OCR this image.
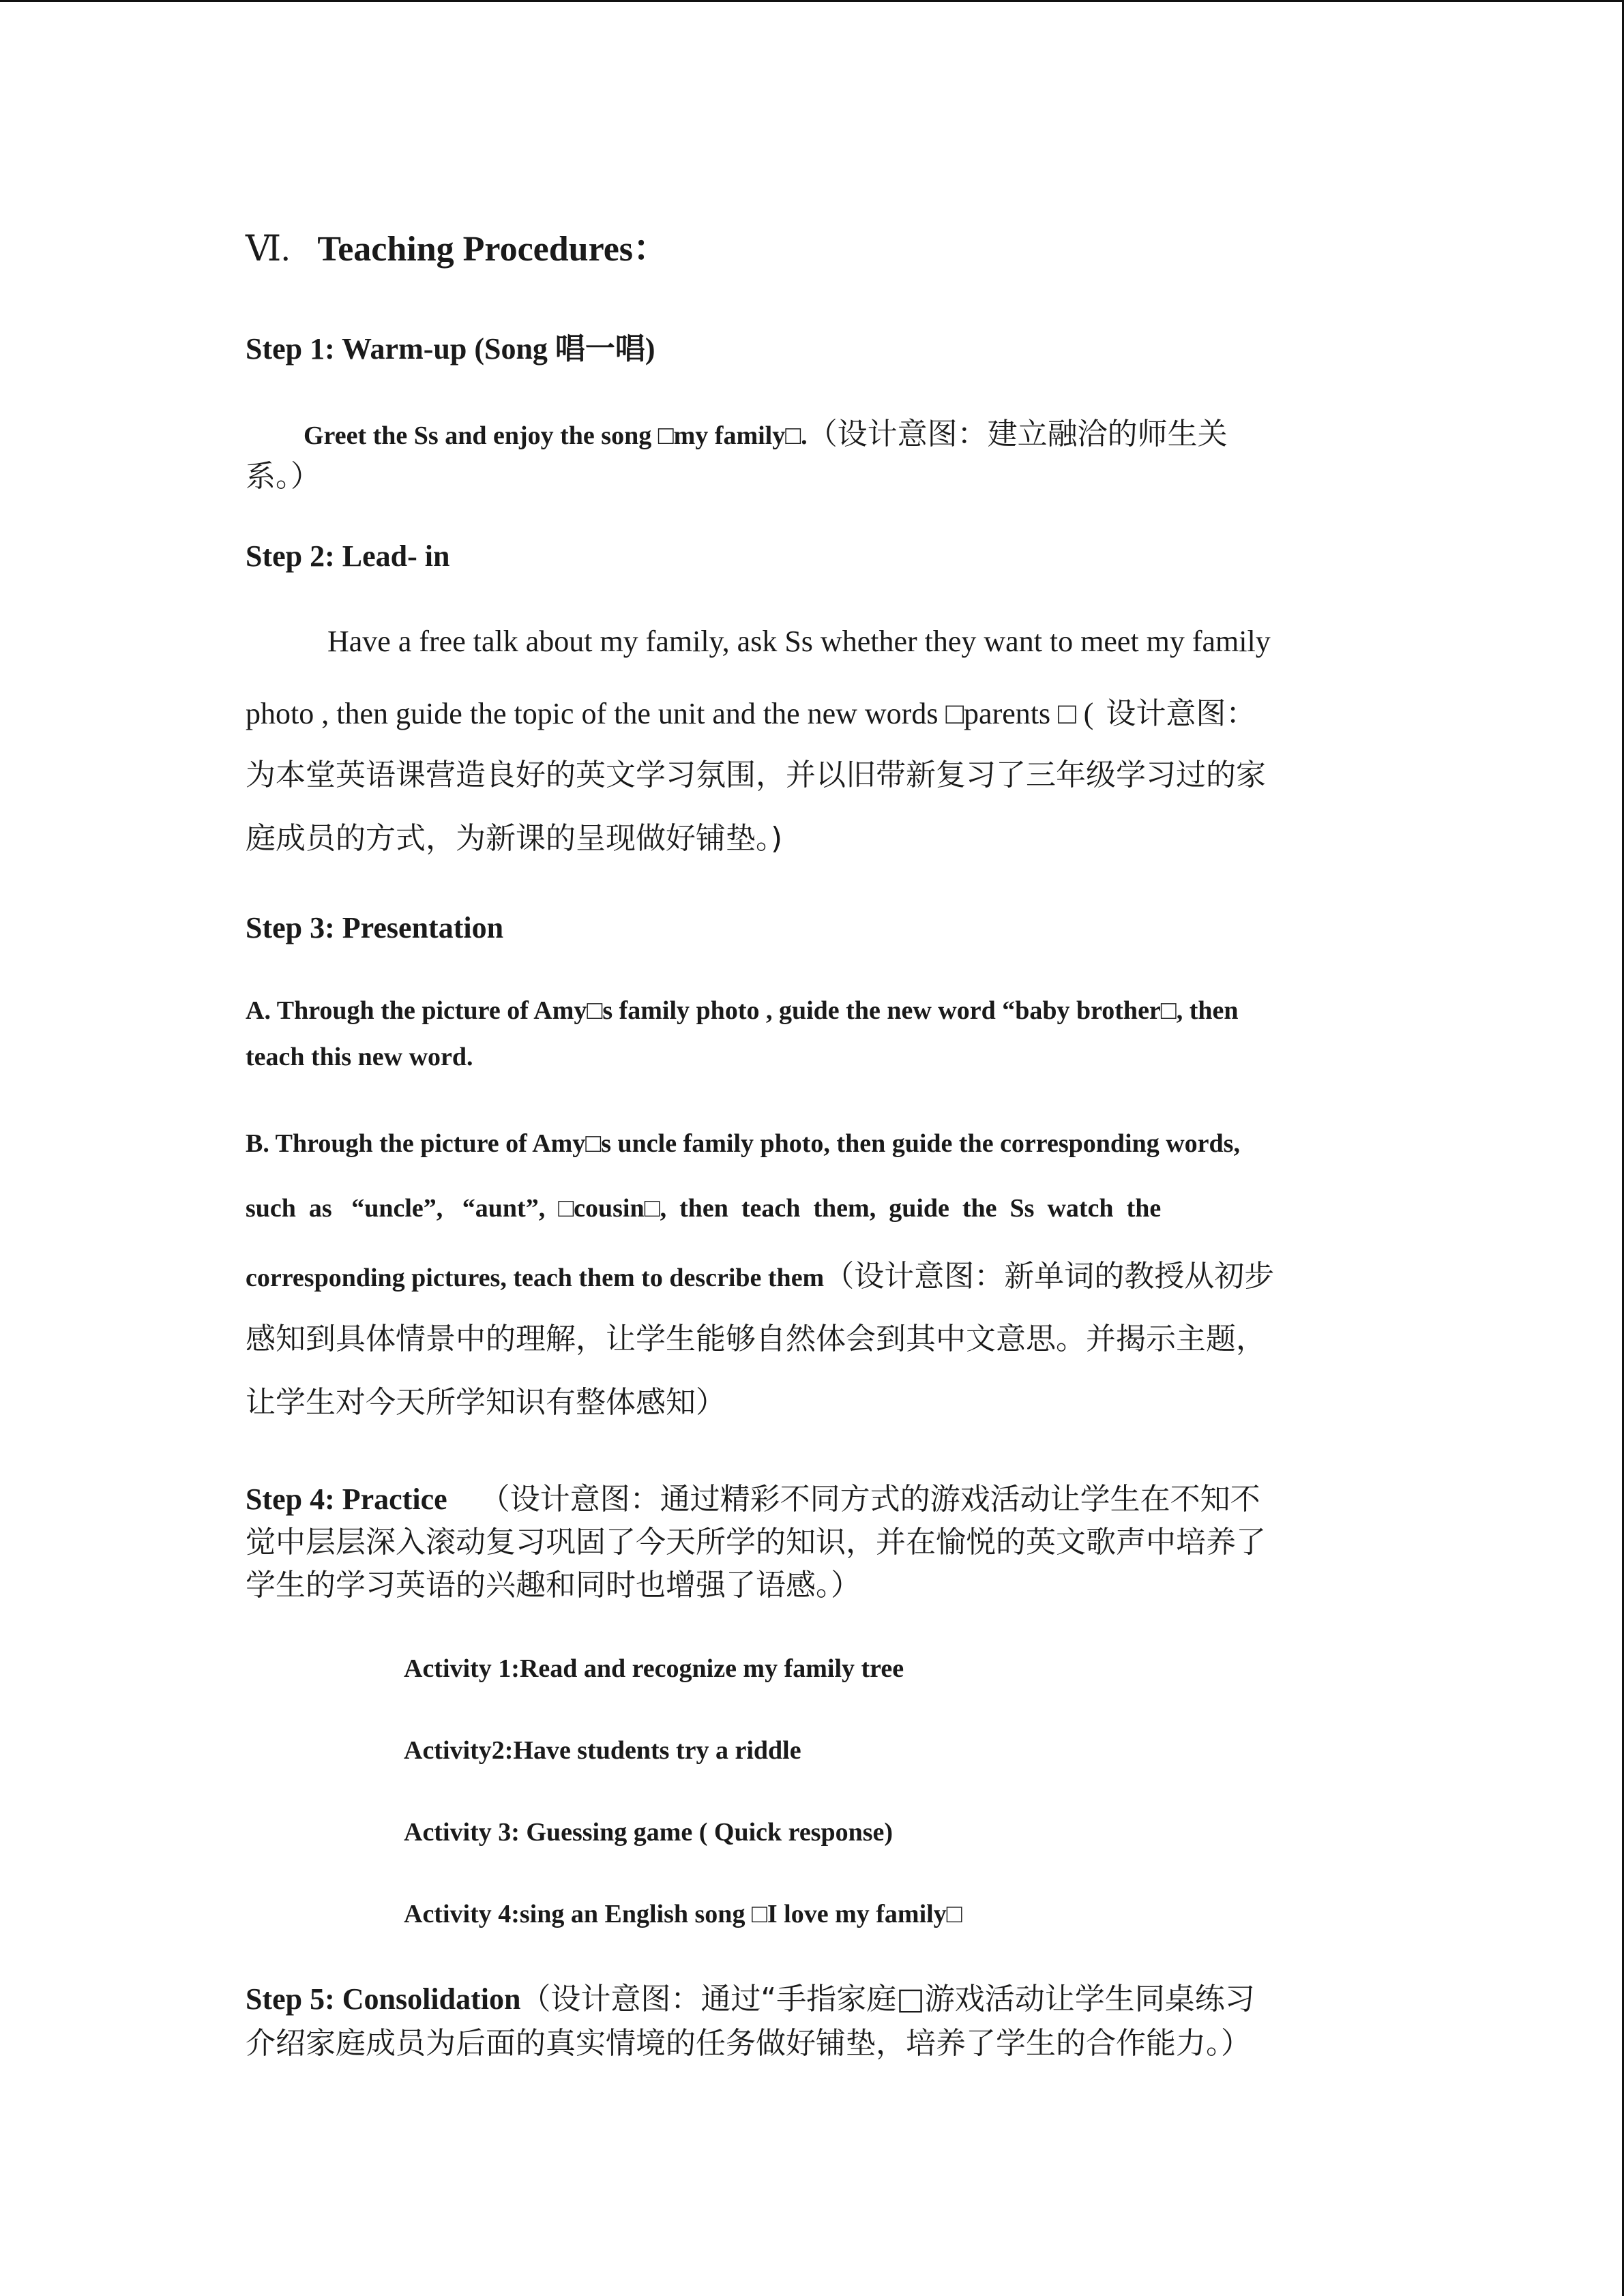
Ⅵ. Teaching Procedures：
Step 1: Warm-up (Song 唱一唱)
Greet the Ss and enjoy the song □my family□.（设计意图：建立融洽的师生关
系。）
Step 2: Lead- in
Have a free talk about my family, ask Ss whether they want to meet my family
photo , then guide the topic of the unit and the new words □parents □ ( 设计意图：
为本堂英语课营造良好的英文学习氛围，并以旧带新复习了三年级学习过的家
庭成员的方式，为新课的呈现做好铺垫。)
Step 3: Presentation
A. Through the picture of Amy□s family photo , guide the new word “baby brother□, then
teach this new word.
B. Through the picture of Amy□s uncle family photo, then guide the corresponding words,
such  as   “uncle”,   “aunt”,  □cousin□,  then  teach  them,  guide  the  Ss  watch  the
corresponding pictures, teach them to describe them（设计意图：新单词的教授从初步
感知到具体情景中的理解，让学生能够自然体会到其中文意思。并揭示主题，
让学生对今天所学知识有整体感知）
Step 4: Practice （设计意图：通过精彩不同方式的游戏活动让学生在不知不
觉中层层深入滚动复习巩固了今天所学的知识，并在愉悦的英文歌声中培养了
学生的学习英语的兴趣和同时也增强了语感。）
Activity 1:Read and recognize my family tree
Activity2:Have students try a riddle
Activity 3: Guessing game ( Quick response)
Activity 4:sing an English song □I love my family□
Step 5: Consolidation（设计意图：通过“手指家庭□游戏活动让学生同桌练习
介绍家庭成员为后面的真实情境的任务做好铺垫，培养了学生的合作能力。）
